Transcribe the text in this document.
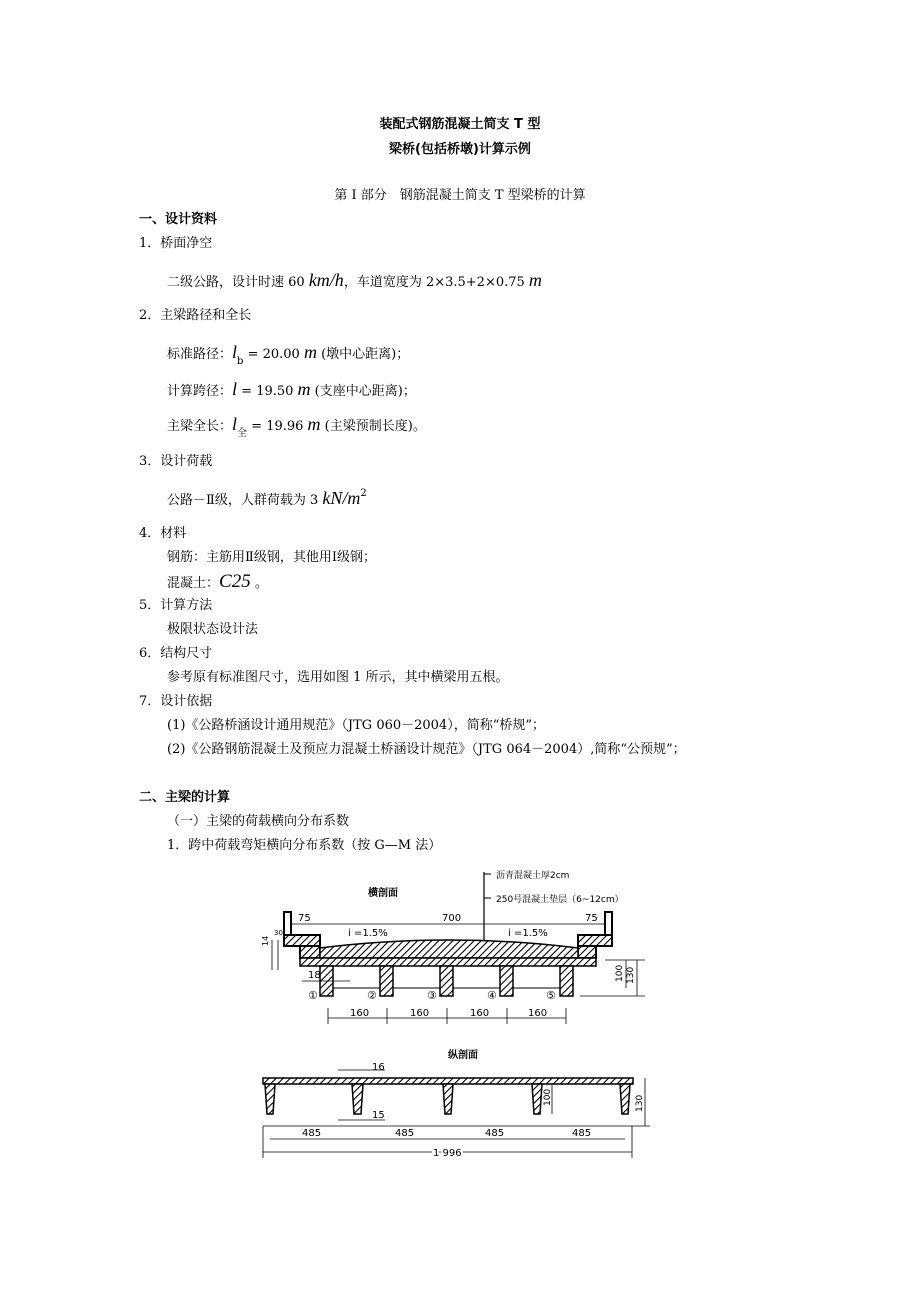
装配式钢筋混凝土简支 T 型
梁桥(包括桥墩)计算示例
第 I 部分　钢筋混凝土简支 T 型梁桥的计算
一、设计资料
1．桥面净空
二级公路，设计时速 60 km/h，车道宽度为 2×3.5+2×0.75 m
2．主梁路径和全长
标准路径：$l_b = 20.00$ m (墩中心距离)；
计算跨径：l = 19.50 m (支座中心距离)；
主梁全长：$l_全 = 19.96$ m (主梁预制长度)。
3．设计荷载
公路－Ⅱ级，人群荷载为 3 $kN/m^2$
4．材料
钢筋：主筋用Ⅱ级钢，其他用Ⅰ级钢；
混凝土：C25 。
5．计算方法
极限状态设计法
6．结构尺寸
参考原有标准图尺寸，选用如图 1 所示，其中横梁用五根。
7．设计依据
(1)《公路桥涵设计通用规范》（JTG 060－2004），简称“桥规”；
(2)《公路钢筋混凝土及预应力混凝土桥涵设计规范》（JTG 064－2004）,简称“公预规”；
二、主梁的计算
（一）主梁的荷载横向分布系数
1．跨中荷载弯矩横向分布系数（按 G—M 法）
横剖面
沥青混凝土厚2cm
250号混凝土垫层（6~12cm）
75	700	75
i =1.5%	i =1.5%
14
30
18	100 130
①	②	③	④	⑤
160	160	160	160
纵剖面
16
15
100	130
485	485	485	485
1 996
